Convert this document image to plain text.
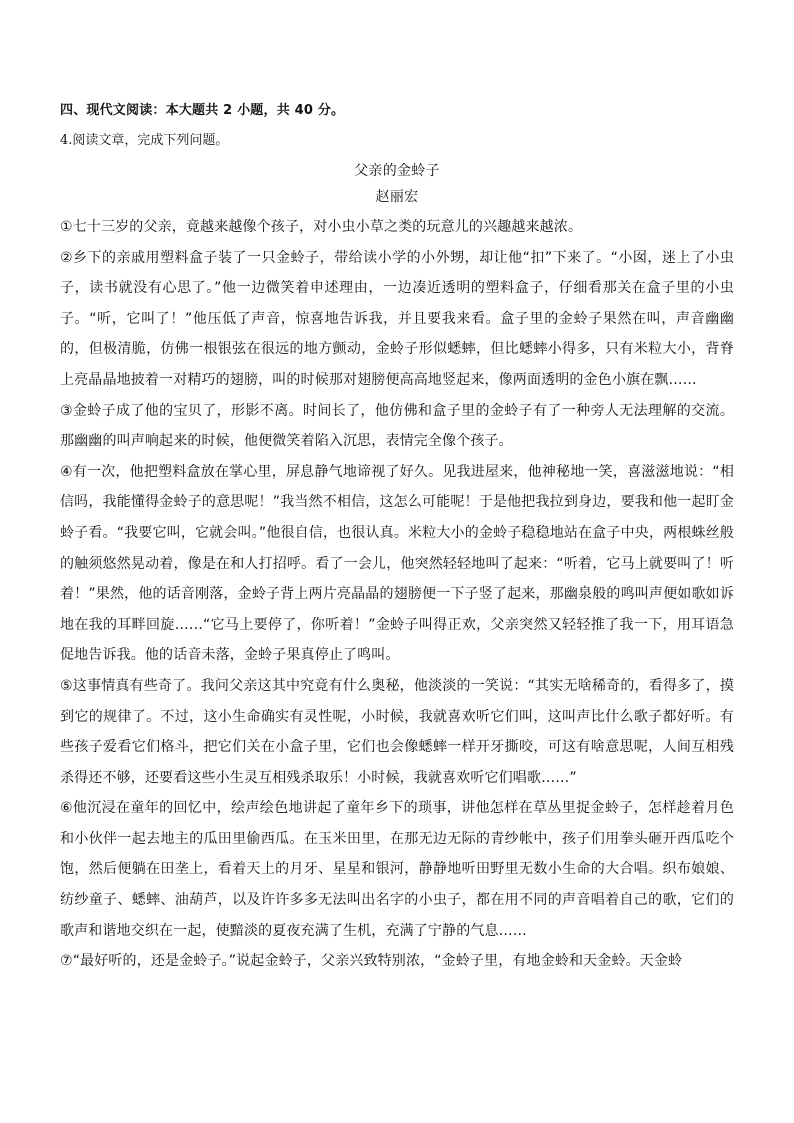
四、现代文阅读：本大题共 2 小题，共 40 分。

4.阅读文章，完成下列问题。

父亲的金蛉子

赵丽宏

①七十三岁的父亲，竟越来越像个孩子，对小虫小草之类的玩意儿的兴趣越来越浓。

②乡下的亲戚用塑料盒子装了一只金蛉子，带给读小学的小外甥，却让他“扣”下来了。“小囡，迷上了小虫子，读书就没有心思了。”他一边微笑着申述理由，一边凑近透明的塑料盒子，仔细看那关在盒子里的小虫子。“听，它叫了！”他压低了声音，惊喜地告诉我，并且要我来看。盒子里的金蛉子果然在叫，声音幽幽的，但极清脆，仿佛一根银弦在很远的地方颤动，金蛉子形似蟋蟀，但比蟋蟀小得多，只有米粒大小，背脊上亮晶晶地披着一对精巧的翅膀，叫的时候那对翅膀便高高地竖起来，像两面透明的金色小旗在飘……

③金蛉子成了他的宝贝了，形影不离。时间长了，他仿佛和盒子里的金蛉子有了一种旁人无法理解的交流。那幽幽的叫声响起来的时候，他便微笑着陷入沉思，表情完全像个孩子。

④有一次，他把塑料盒放在掌心里，屏息静气地谛视了好久。见我进屋来，他神秘地一笑，喜滋滋地说：“相信吗，我能懂得金蛉子的意思呢！”我当然不相信，这怎么可能呢！于是他把我拉到身边，要我和他一起盯金蛉子看。“我要它叫，它就会叫。”他很自信，也很认真。米粒大小的金蛉子稳稳地站在盒子中央，两根蛛丝般的触须悠然晃动着，像是在和人打招呼。看了一会儿，他突然轻轻地叫了起来：“听着，它马上就要叫了！听着！”果然，他的话音刚落，金蛉子背上两片亮晶晶的翅膀便一下子竖了起来，那幽泉般的鸣叫声便如歌如诉地在我的耳畔回旋……“它马上要停了，你听着！”金蛉子叫得正欢，父亲突然又轻轻推了我一下，用耳语急促地告诉我。他的话音未落，金蛉子果真停止了鸣叫。

⑤这事情真有些奇了。我问父亲这其中究竟有什么奥秘，他淡淡的一笑说：“其实无啥稀奇的，看得多了，摸到它的规律了。不过，这小生命确实有灵性呢，小时候，我就喜欢听它们叫，这叫声比什么歌子都好听。有些孩子爱看它们格斗，把它们关在小盒子里，它们也会像蟋蟀一样开牙撕咬，可这有啥意思呢，人间互相残杀得还不够，还要看这些小生灵互相残杀取乐！小时候，我就喜欢听它们唱歌……”

⑥他沉浸在童年的回忆中，绘声绘色地讲起了童年乡下的琐事，讲他怎样在草丛里捉金蛉子，怎样趁着月色和小伙伴一起去地主的瓜田里偷西瓜。在玉米田里，在那无边无际的青纱帐中，孩子们用拳头砸开西瓜吃个饱，然后便躺在田垄上，看着天上的月牙、星星和银河，静静地听田野里无数小生命的大合唱。织布娘娘、纺纱童子、蟋蟀、油葫芦，以及许许多多无法叫出名字的小虫子，都在用不同的声音唱着自己的歌，它们的歌声和谐地交织在一起，使黯淡的夏夜充满了生机，充满了宁静的气息……

⑦“最好听的，还是金蛉子。”说起金蛉子，父亲兴致特别浓，“金蛉子里，有地金蛉和天金蛉。天金蛉
